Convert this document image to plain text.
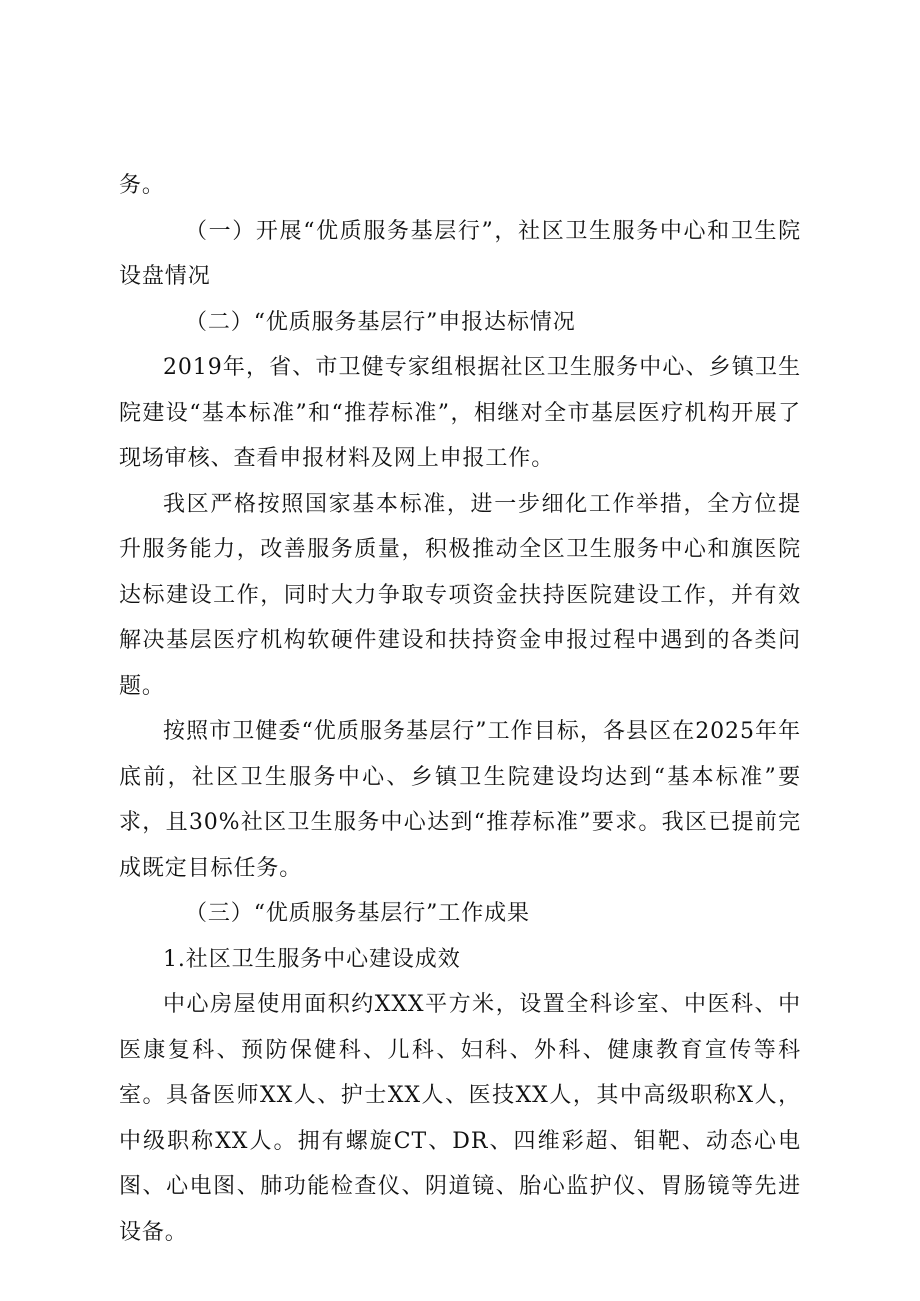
务。

（一）开展“优质服务基层行”，社区卫生服务中心和卫生院设盘情况

（二）“优质服务基层行”申报达标情况

2019年，省、市卫健专家组根据社区卫生服务中心、乡镇卫生院建设“基本标准”和“推荐标准”，相继对全市基层医疗机构开展了现场审核、查看申报材料及网上申报工作。

我区严格按照国家基本标准，进一步细化工作举措，全方位提升服务能力，改善服务质量，积极推动全区卫生服务中心和旗医院达标建设工作，同时大力争取专项资金扶持医院建设工作，并有效解决基层医疗机构软硬件建设和扶持资金申报过程中遇到的各类问题。

按照市卫健委“优质服务基层行”工作目标，各县区在2025年年底前，社区卫生服务中心、乡镇卫生院建设均达到“基本标准”要求，且30%社区卫生服务中心达到“推荐标准”要求。我区已提前完成既定目标任务。

（三）“优质服务基层行”工作成果

1.社区卫生服务中心建设成效

中心房屋使用面积约XXX平方米，设置全科诊室、中医科、中医康复科、预防保健科、儿科、妇科、外科、健康教育宣传等科室。具备医师XX人、护士XX人、医技XX人，其中高级职称X人，中级职称XX人。拥有螺旋CT、DR、四维彩超、钼靶、动态心电图、心电图、肺功能检查仪、阴道镜、胎心监护仪、胃肠镜等先进设备。
